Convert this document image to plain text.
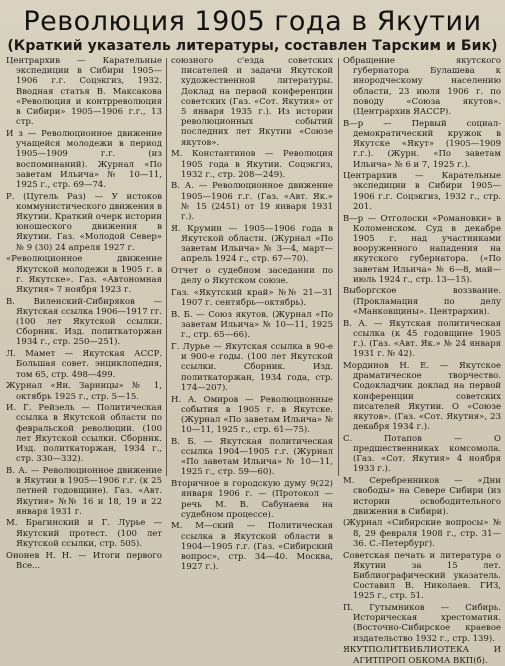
Революция 1905 года в Якутии
(Краткий указатель литературы, составлен Тарским и Бик)
Центрархив — Карательные экспедиции в Сибири 1905—1906 г.г. Соцэкгиз, 1932. Вводная статья В. Максакова «Революция и контрреволюция в Сибири» 1905—1906 г.г., 13 стр.
И з — Революционное движение учащейся молодежи в период 1905—1909 г.г. (из воспоминаний). Журнал «По заветам Ильича» № 10—11, 1925 г., стр. 69—74.
Р. (Цугель Раз) — У истоков коммунистического движения в Якутии. Краткий очерк истории юношеского движения в Якутии. Газ. «Молодой Север» № 9 (30) 24 апреля 1927 г.
«Революционное движение Якутской молодежи в 1905 г. в г. Якутске». Газ. «Автономная Якутия» 7 ноября 1923 г.
В. Виленский-Сибиряков — Якутская ссылка 1906—1917 гг. (100 лет Якутской ссылки. Сборник. Изд. политкаторжан 1934 г., стр. 250—251).
Л. Мамет — Якутская АССР. Большая совет. энциклопедия, том 65, стр. 498—499.
Журнал «Ян. Зарницы» № 1, октябрь 1925 г., стр. 5—15.
И. Г. Рейзель — Политическая ссылка в Якутской области по февральской революции. (100 лет Якутской ссылки. Сборник. Изд. политкаторжан, 1934 г., стр. 330—332).
В. А. — Революционное движение в Якутии в 1905—1906 г.г. (к 25 летней годовщине). Газ. «Авт. Якутия» №№ 16 и 18, 19 и 22 января 1931 г.
М. Брагинский и Г. Лурье — Якутский протест. (100 лет Якутской ссылки, стр. 505).
Ононев Н. Н. — Итоги первого Все...
союзного с'езда советских писателей и задачи Якутской художественной литературы. Доклад на первой конференции советских (Газ. «Сот. Якутия» от 5 января 1935 г.). Из истории революционных событий последних лет Якутии «Союзе якутов».
М. Константинов — Революция 1905 года в Якутии. Соцэкгиз, 1932 г., стр. 208—249).
В. А. — Революционное движение 1905—1906 г.г. (Газ. «Авт. Як.» № 15 (2451) от 19 января 1931 г.).
Я. Крумин — 1905—1906 года в Якутской области. (Журнал «По заветам Ильича» № 3—4, март—апрель 1924 г., стр. 67—70).
Отчет о судебном заседании по делу о Якутском союзе.
Газ. «Якутский край» №№ 21—31 1907 г. сентябрь—октябрь).
В. Б. — Союз якутов. (Журнал «По заветам Ильича» № 10—11, 1925 г., стр. 65—66).
Г. Лурье — Якутская ссылка в 90-е и 900-е годы. (100 лет Якутской ссылки. Сборник. Изд. политкаторжан, 1934 года, стр. 174—207).
Н. А. Омиров — Революционные события в 1905 г. в Якутске. (Журнал «По заветам Ильича» № 10—11, 1925 г., стр. 61—75).
В. Б. — Якутская политическая ссылка 1904—1905 г.г. (Журнал «По заветам Ильича» № 10—11, 1925 г., стр. 59—60).
Вторичное в городскую думу 9(22) января 1906 г. — (Протокол — речь М. В. Сабунаева на судебном процессе).
М. М—ский — Политическая ссылка в Якутской области в 1904—1905 г.г. (Газ. «Сибирский вопрос», стр. 34—40. Москва, 1927 г.).
Обращение якутского губернатора Булашева к инородческому населению области, 23 июля 1906 г. по поводу «Союза якутов». (Центрархив ЯАССР).
В—р — Первый социал-демократический кружок в Якутске «Якут» (1905—1909 г.г.). (Журн. «По заветам Ильича» № 6 и 7, 1925 г.).
Центрархив — Карательные экспедиции в Сибири 1905—1906 г.г. Соцэкгиз, 1932 г., стр. 201.
В—р — Отголоски «Романовки» в Коломенском. Суд в декабре 1905 г. над участниками вооруженного нападения на якутского губернатора. («По заветам Ильича» № 6—8, май—июль 1924 г., стр. 13—15).
Выборгское воззвание. (Прокламация по делу «Манковщины». Центрархив).
В. А. — Якутская политическая ссылка (к 45 годовщине 1905 г.). (Газ. «Авт. Як.» № 24 января 1931 г. № 42).
Мординов Н. Е. — Якутское драматическое творчество. Содокладчик доклад на первой конференции советских писателей Якутии. О «Союзе якутов». (Газ. «Сот. Якутия», 23 декабря 1934 г.).
С. Потапов — О предшественниках комсомола. (Газ. «Сот. Якутия» 4 ноября 1933 г.).
М. Серебренников — «Дни свободы» на Севере Сибири (из истории освободительного движения в Сибири).
(Журнал «Сибирские вопросы» № 8, 29 февраля 1908 г., стр. 31—36. С.-Петербург).
Советская печать и литература о Якутии за 15 лет. Библиографический указатель. Составил В. Николаев. ГИЗ, 1925 г., стр. 51.
П. Гутымников — Сибирь. Историческая хрестоматия. (Восточно-Сибирское краевое издательство 1932 г., стр. 139).
ЯКУТПОЛИТБИБЛИОТЕКА И АГИТПРОП ОБКОМА ВКП(б).
